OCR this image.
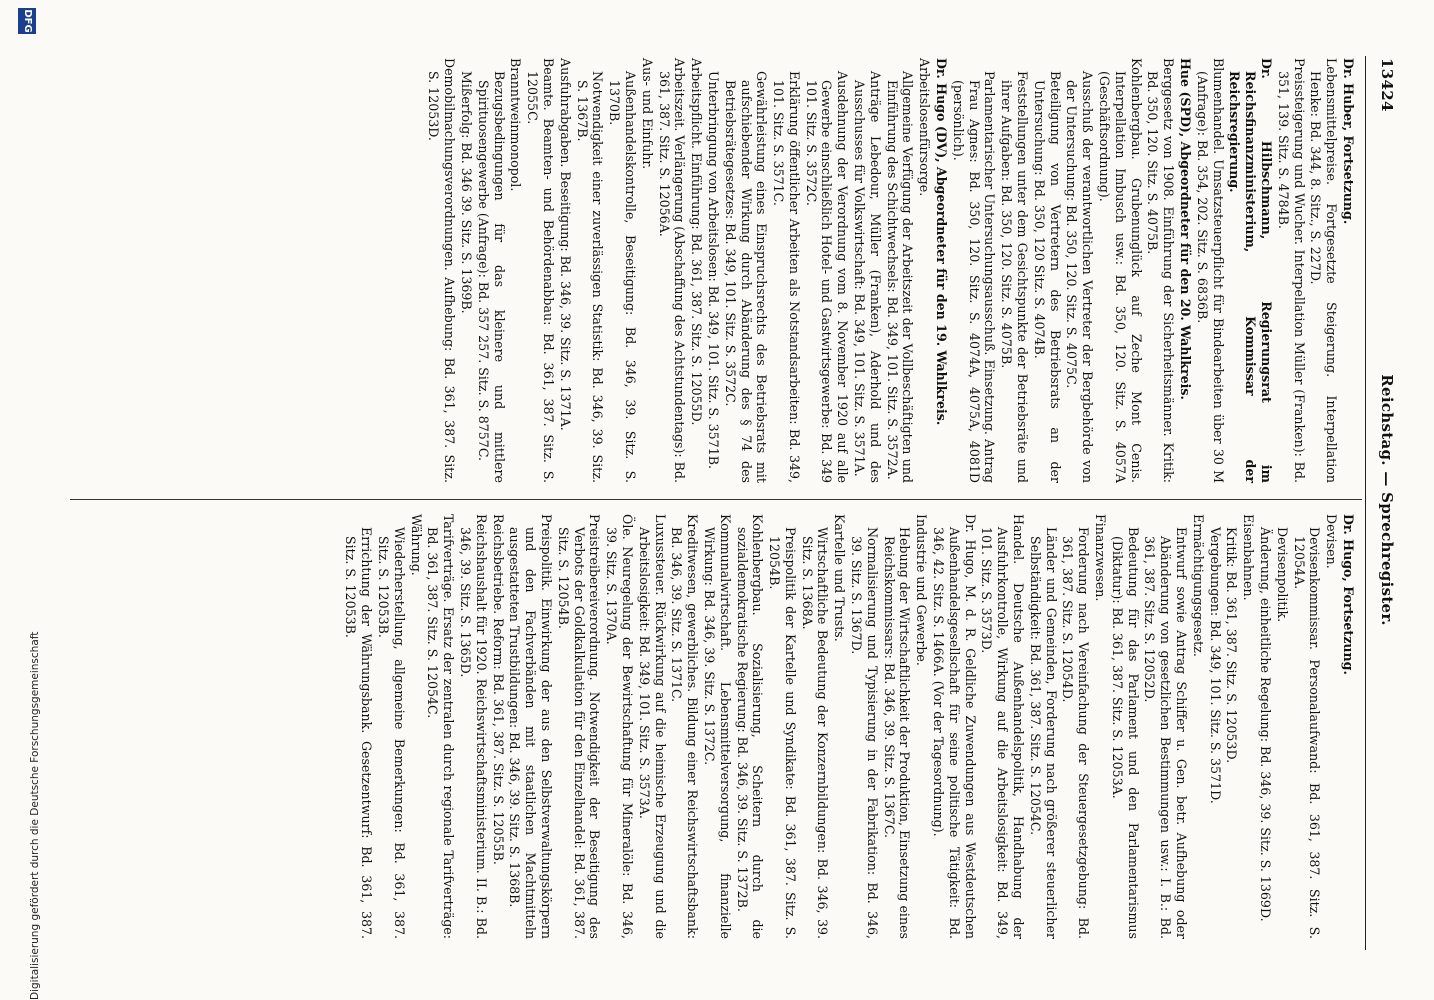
13424
Reichstag. — Sprechregister.
Dr. Huber, Fortsetzung.
Lebensmittelpreise. Fortgesetzte Steigerung. Interpellation Henke: Bd. 344, 8. Sitz., S. 227D.
Preissteigerung und Wucher. Interpellation Müller (Franken): Bd. 351, 139. Sitz. S. 4784B.
Dr. Hilbschmann, Regierungsrat im Reichsfinanzministerium, Kommissar der Reichsregierung.
Blumenhandel. Umsatzsteuerpflicht für Bindearbeiten über 30 M (Anfrage): Bd. 354, 202. Sitz. S. 6836B.
Hue (SPD), Abgeordneter für den 20. Wahlkreis.
Berggesetz von 1908. Einführung der Sicherheitsmänner. Kritik: Bd. 350, 120. Sitz. S. 4075B.
Kohlenbergbau. Grubenunglück auf Zeche Mont Cenis. Interpellation Imbusch usw.: Bd. 350, 120. Sitz. S. 4057A (Geschäftsordnung).
Ausschuß der verantwortlichen Vertreter der Bergbehörde von der Untersuchung: Bd. 350, 120. Sitz. S. 4075C.
Beteiligung von Vertretern des Betriebsrats an der Untersuchung: Bd. 350, 120 Sitz. S. 4074B.
Feststellungen unter dem Gesichtspunkte der Betriebsräte und ihrer Aufgaben: Bd. 350, 120. Sitz. S. 4075B.
Parlamentarischer Untersuchungsausschuß. Einsetzung. Antrag Frau Agnes: Bd. 350, 120. Sitz. S. 4074A, 4075A, 4081D (persönlich).
Dr. Hugo (DV), Abgeordneter für den 19. Wahlkreis.
Arbeitslosenfürsorge.
Allgemeine Verfügung der Arbeitszeit der Vollbeschäftigten und Einführung des Schichtwechsels: Bd. 349, 101. Sitz. S. 3572A.
Anträge Lebedour, Müller (Franken), Aderhold und des Ausschusses für Volkswirtschaft: Bd. 349, 101. Sitz. S. 3571A.
Ausdehnung der Verordnung vom 8. November 1920 auf alle Gewerbe einschließlich Hotel- und Gastwirtsgewerbe: Bd. 349 101. Sitz. S. 3572C.
Erklärung öffentlicher Arbeiten als Notstandsarbeiten: Bd. 349, 101. Sitz. S. 3571C.
Gewährleistung eines Einspruchsrechts des Betriebsrats mit aufschiebender Wirkung durch Abänderung des § 74 des Betriebsrätegesetzes: Bd. 349, 101. Sitz. S. 3572C.
Unterbringung von Arbeitslosen: Bd. 349, 101. Sitz. S. 3571B.
Arbeitspflicht. Einführung: Bd. 361, 387. Sitz. S. 12055D.
Arbeitszeit. Verlängerung (Abschaffung des Achtstundentags): Bd. 361, 387. Sitz. S. 12056A.
Aus- und Einfuhr.
Außenhandelskontrolle, Beseitigung: Bd. 346, 39. Sitz. S. 1370B.
Notwendigkeit einer zuverlässigen Statistik: Bd. 346, 39. Sitz. S. 1367B.
Ausfuhrabgaben. Beseitigung: Bd. 346, 39. Sitz. S. 1371A.
Beamte. Beamten- und Behördenabbau: Bd. 361, 387. Sitz. S. 12055C.
Branntweinmonopol.
Bezugsbedingungen für das kleinere und mittlere Spirituosengewerbe (Anfrage): Bd. 357 257. Sitz. S. 8757C.
Mißerfolg: Bd. 346 39. Sitz. S. 1369B.
Demobilmachungsverordnungen. Aufhebung: Bd. 361, 387. Sitz. S. 12053D.
Dr. Hugo, Fortsetzung.
Devisen.
Devisenkommissar. Personalaufwand: Bd. 361, 387. Sitz. S. 12054A.
Devisenpolitik.
Änderung, einheitliche Regelung: Bd. 346, 39. Sitz. S. 1369D.
Eisenbahnen.
Kritik: Bd. 361, 387. Sitz. S. 12053D.
Vergebungen: Bd. 349, 101. Sitz. S. 3571D.
Ermächtigungsgesetz.
Entwurf sowie Antrag Schiffer u. Gen. betr. Aufhebung oder Abänderung von gesetzlichen Bestimmungen usw.: I. B.: Bd. 361, 387. Sitz. S. 12052D.
Bedeutung für das Parlament und den Parlamentarismus (Diktatur): Bd. 361, 387. Sitz. S. 12053A.
Finanzwesen.
Forderung nach Vereinfachung der Steuergesetzgebung: Bd. 361, 387. Sitz. S. 12054D.
Länder und Gemeinden, Forderung nach größerer steuerlicher Selbständigkeit: Bd. 361, 387. Sitz. S. 12054C.
Handel. Deutsche Außenhandelspolitik, Handhabung der Ausfuhrkontrolle, Wirkung auf die Arbeitslosigkeit: Bd. 349, 101. Sitz. S. 3573D.
Dr. Hugo, M. d. R. Geldliche Zuwendungen aus Westdeutschen Außenhandelsgesellschaft für seine politische Tätigkeit: Bd. 346, 42. Sitz. S. 1466A. (Vor der Tagesordnung).
Industrie und Gewerbe.
Hebung der Wirtschaftlichkeit der Produktion, Einsetzung eines Reichskommissars: Bd. 346, 39. Sitz. S. 1367C.
Normalisierung und Typisierung in der Fabrikation: Bd. 346, 39. Sitz. S. 1367D.
Kartelle und Trusts.
Wirtschaftliche Bedeutung der Konzernbildungen: Bd. 346, 39. Sitz. S. 1368A.
Preispolitik der Kartelle und Syndikate: Bd. 361, 387. Sitz. S. 12054B.
Kohlenbergbau. Sozialisierung, Scheitern durch die sozialdemokratische Regierung: Bd. 346, 39. Sitz. S. 1372B.
Kommunalwirtschaft. Lebensmittelversorgung, finanzielle Wirkung: Bd. 346, 39. Sitz. S. 1372C.
Kreditwesen, gewerbliches. Bildung einer Reichswirtschaftsbank: Bd. 346, 39. Sitz. S. 1371C.
Luxussteuer. Rückwirkung auf die heimische Erzeugung und die Arbeitslosigkeit: Bd. 349, 101. Sitz. S. 3573A.
Öle. Neuregelung der Bewirtschaftung für Mineralöle: Bd. 346, 39. Sitz. S. 1370A.
Preistreibereiverordnung. Notwendigkeit der Beseitigung des Verbots der Goldkalkulation für den Einzelhandel: Bd. 361, 387. Sitz. S. 12054B.
Preispolitik. Einwirkung der aus den Selbstverwaltungskörpern und den Fachverbänden mit staatlichen Machtmitteln ausgestatteten Trustbildungen: Bd. 346, 39. Sitz. S. 1368B.
Reichsbetriebe. Reform: Bd. 361, 387. Sitz. S. 12055B.
Reichshaushalt für 1920. Reichswirtschaftsministerium. II. B.: Bd. 346, 39. Sitz. S. 1365D.
Tarifverträge. Ersatz der zentralen durch regionale Tarifverträge: Bd. 361, 387. Sitz. S. 12054C.
Währung.
Wiederherstellung, allgemeine Bemerkungen: Bd. 361, 387. Sitz. S. 12053B.
Errichtung der Währungsbank. Gesetzentwurf: Bd. 361, 387. Sitz. S. 12053B.
DFG
Digitalisierung gefördert durch die Deutsche Forschungsgemeinschaft
